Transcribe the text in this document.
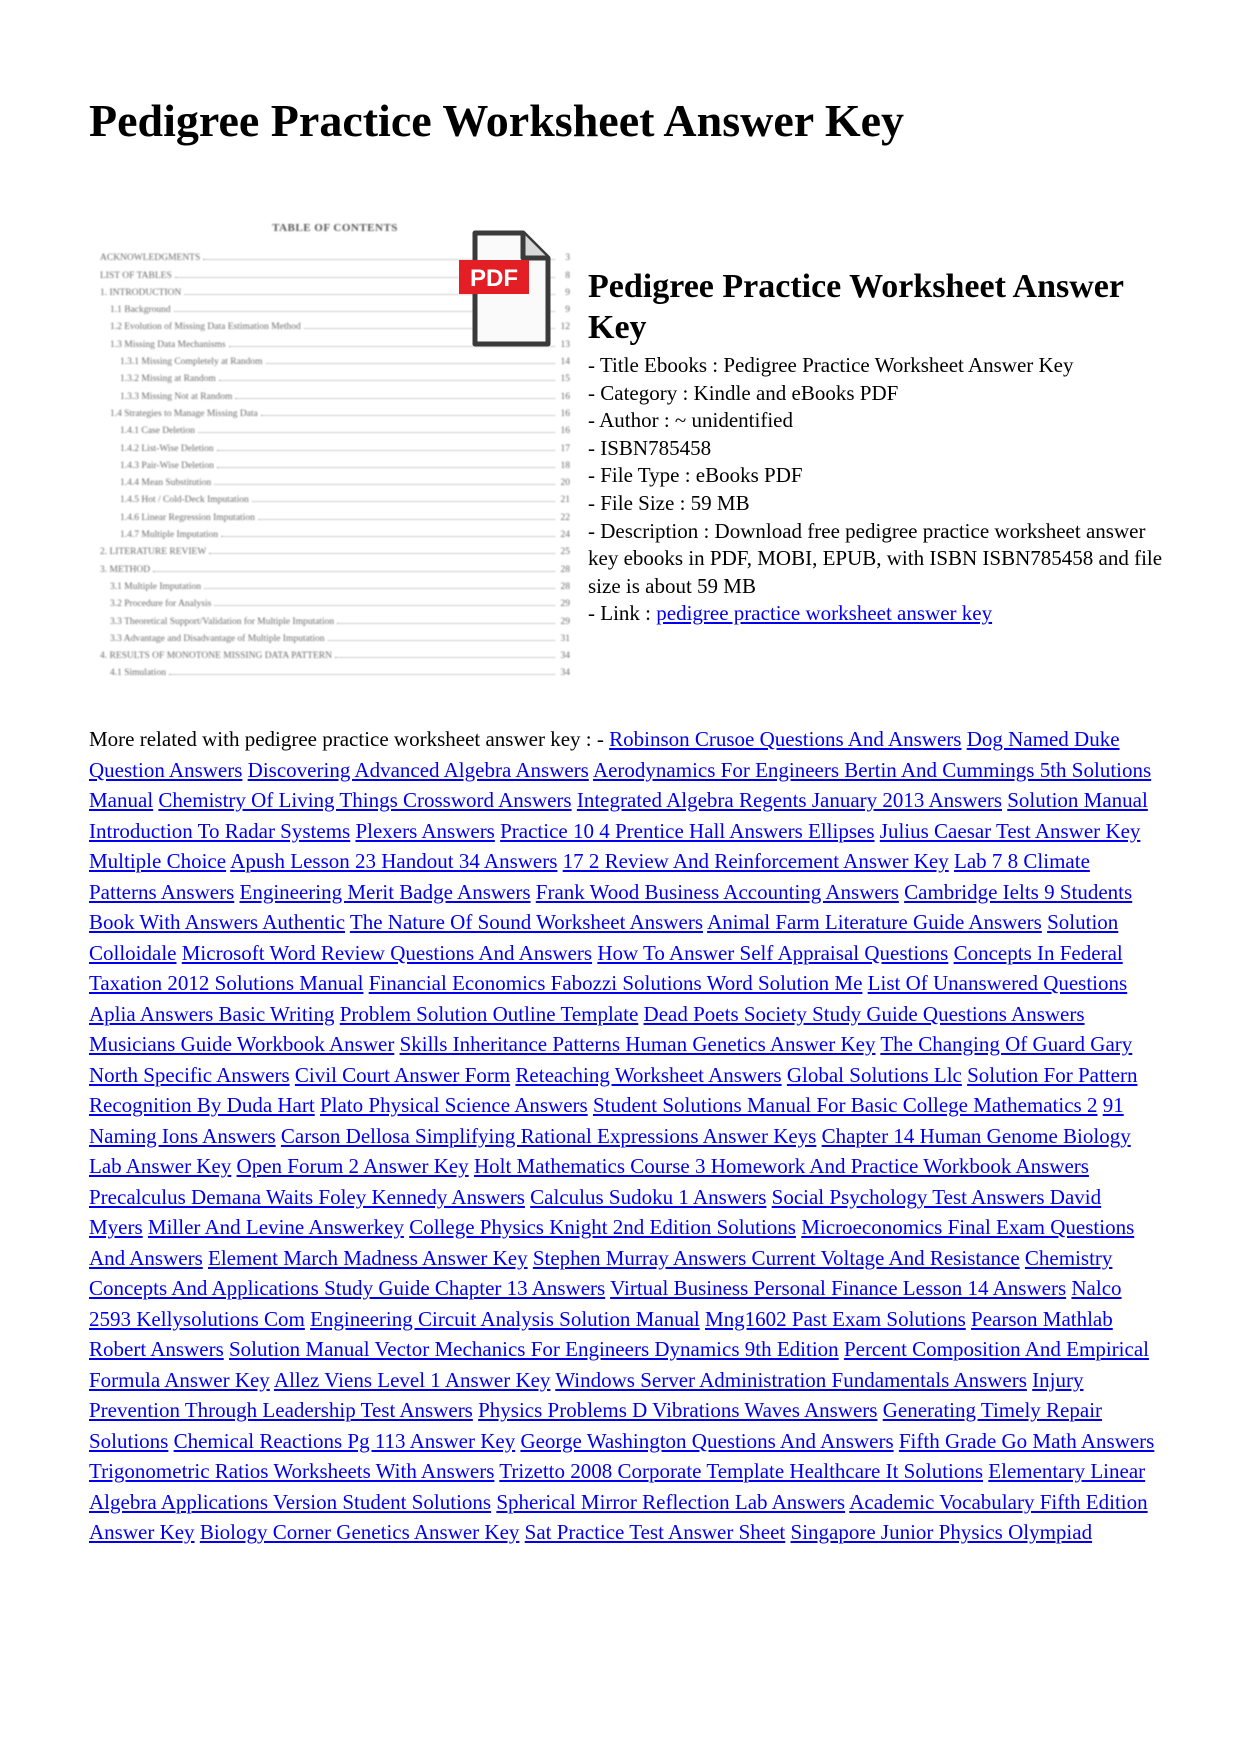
Pedigree Practice Worksheet Answer Key
TABLE OF CONTENTS
ACKNOWLEDGMENTS	3
LIST OF TABLES	8
1. INTRODUCTION	9
1.1 Background	9
1.2 Evolution of Missing Data Estimation Method	12
1.3 Missing Data Mechanisms	13
1.3.1 Missing Completely at Random	14
1.3.2 Missing at Random	15
1.3.3 Missing Not at Random	16
1.4 Strategies to Manage Missing Data	16
1.4.1 Case Deletion	16
1.4.2 List-Wise Deletion	17
1.4.3 Pair-Wise Deletion	18
1.4.4 Mean Substitution	20
1.4.5 Hot / Cold-Deck Imputation	21
1.4.6 Linear Regression Imputation	22
1.4.7 Multiple Imputation	24
2. LITERATURE REVIEW	25
3. METHOD	28
3.1 Multiple Imputation	28
3.2 Procedure for Analysis	29
3.3 Theoretical Support/Validation for Multiple Imputation	29
3.3 Advantage and Disadvantage of Multiple Imputation	31
4. RESULTS OF MONOTONE MISSING DATA PATTERN	34
4.1 Simulation	34
PDF Pedigree Practice Worksheet Answer Key
- Title Ebooks : Pedigree Practice Worksheet Answer Key
- Category : Kindle and eBooks PDF
- Author : ~ unidentified
- ISBN785458
- File Type : eBooks PDF
- File Size : 59 MB
- Description : Download free pedigree practice worksheet answer key ebooks in PDF, MOBI, EPUB, with ISBN ISBN785458 and file size is about 59 MB
- Link : pedigree practice worksheet answer key
More related with pedigree practice worksheet answer key : - Robinson Crusoe Questions And Answers Dog Named Duke Question Answers Discovering Advanced Algebra Answers Aerodynamics For Engineers Bertin And Cummings 5th Solutions Manual Chemistry Of Living Things Crossword Answers Integrated Algebra Regents January 2013 Answers Solution Manual Introduction To Radar Systems Plexers Answers Practice 10 4 Prentice Hall Answers Ellipses Julius Caesar Test Answer Key Multiple Choice Apush Lesson 23 Handout 34 Answers 17 2 Review And Reinforcement Answer Key Lab 7 8 Climate Patterns Answers Engineering Merit Badge Answers Frank Wood Business Accounting Answers Cambridge Ielts 9 Students Book With Answers Authentic The Nature Of Sound Worksheet Answers Animal Farm Literature Guide Answers Solution Colloidale Microsoft Word Review Questions And Answers How To Answer Self Appraisal Questions Concepts In Federal Taxation 2012 Solutions Manual Financial Economics Fabozzi Solutions Word Solution Me List Of Unanswered Questions Aplia Answers Basic Writing Problem Solution Outline Template Dead Poets Society Study Guide Questions Answers Musicians Guide Workbook Answer Skills Inheritance Patterns Human Genetics Answer Key The Changing Of Guard Gary North Specific Answers Civil Court Answer Form Reteaching Worksheet Answers Global Solutions Llc Solution For Pattern Recognition By Duda Hart Plato Physical Science Answers Student Solutions Manual For Basic College Mathematics 2 91 Naming Ions Answers Carson Dellosa Simplifying Rational Expressions Answer Keys Chapter 14 Human Genome Biology Lab Answer Key Open Forum 2 Answer Key Holt Mathematics Course 3 Homework And Practice Workbook Answers Precalculus Demana Waits Foley Kennedy Answers Calculus Sudoku 1 Answers Social Psychology Test Answers David Myers Miller And Levine Answerkey College Physics Knight 2nd Edition Solutions Microeconomics Final Exam Questions And Answers Element March Madness Answer Key Stephen Murray Answers Current Voltage And Resistance Chemistry Concepts And Applications Study Guide Chapter 13 Answers Virtual Business Personal Finance Lesson 14 Answers Nalco 2593 Kellysolutions Com Engineering Circuit Analysis Solution Manual Mng1602 Past Exam Solutions Pearson Mathlab Robert Answers Solution Manual Vector Mechanics For Engineers Dynamics 9th Edition Percent Composition And Empirical Formula Answer Key Allez Viens Level 1 Answer Key Windows Server Administration Fundamentals Answers Injury Prevention Through Leadership Test Answers Physics Problems D Vibrations Waves Answers Generating Timely Repair Solutions Chemical Reactions Pg 113 Answer Key George Washington Questions And Answers Fifth Grade Go Math Answers Trigonometric Ratios Worksheets With Answers Trizetto 2008 Corporate Template Healthcare It Solutions Elementary Linear Algebra Applications Version Student Solutions Spherical Mirror Reflection Lab Answers Academic Vocabulary Fifth Edition Answer Key Biology Corner Genetics Answer Key Sat Practice Test Answer Sheet Singapore Junior Physics Olympiad
